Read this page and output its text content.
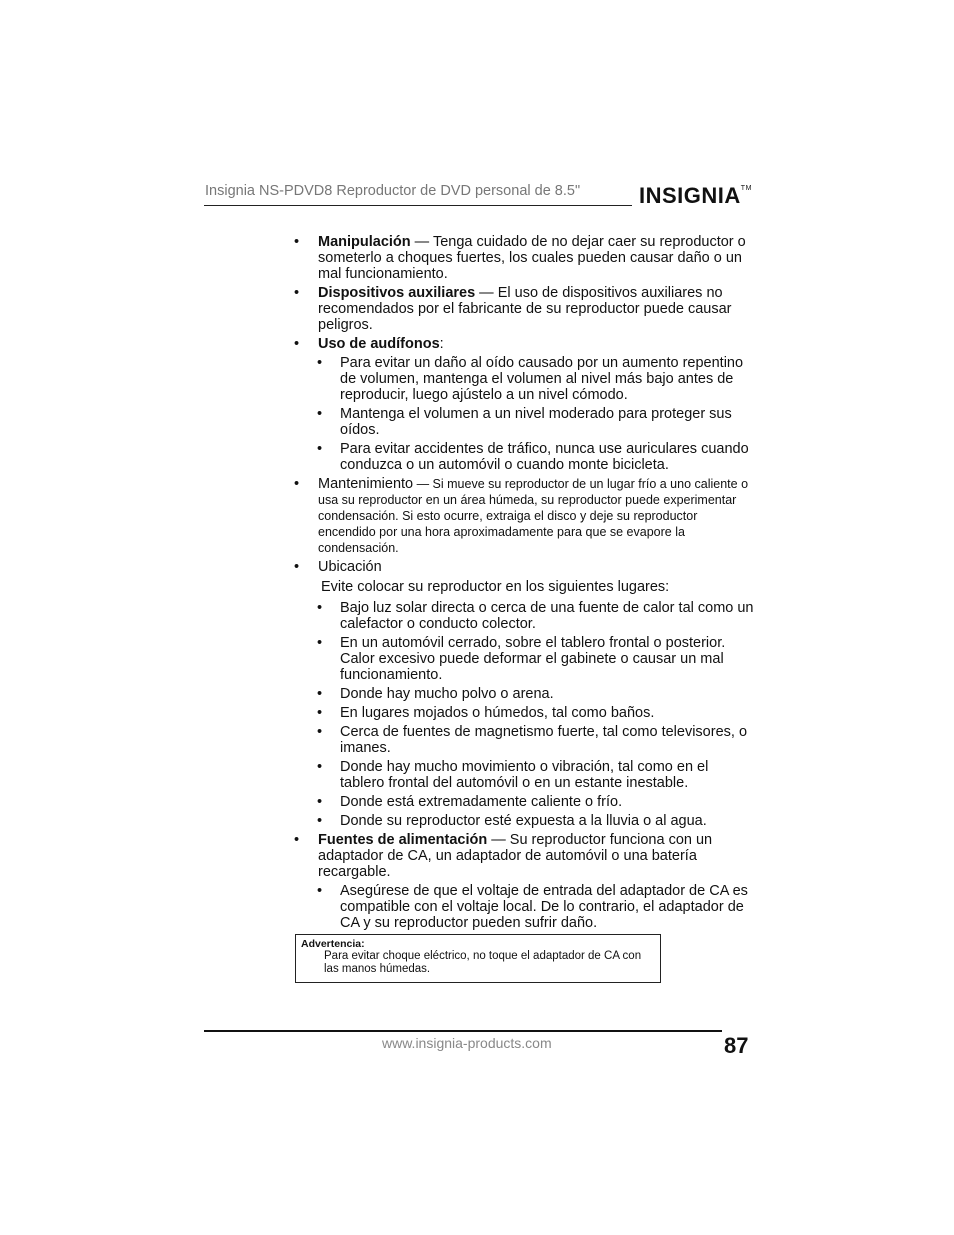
Insignia NS-PDVD8 Reproductor de DVD personal de 8.5"	INSIGNIA™
• Manipulación — Tenga cuidado de no dejar caer su reproductor o someterlo a choques fuertes, los cuales pueden causar daño o un mal funcionamiento.
• Dispositivos auxiliares — El uso de dispositivos auxiliares no recomendados por el fabricante de su reproductor puede causar peligros.
• Uso de audífonos:
• Para evitar un daño al oído causado por un aumento repentino de volumen, mantenga el volumen al nivel más bajo antes de reproducir, luego ajústelo a un nivel cómodo.
• Mantenga el volumen a un nivel moderado para proteger sus oídos.
• Para evitar accidentes de tráfico, nunca use auriculares cuando conduzca o un automóvil o cuando monte bicicleta.
• Mantenimiento — Si mueve su reproductor de un lugar frío a uno caliente o usa su reproductor en un área húmeda, su reproductor puede experimentar condensación. Si esto ocurre, extraiga el disco y deje su reproductor encendido por una hora aproximadamente para que se evapore la condensación.
• Ubicación
Evite colocar su reproductor en los siguientes lugares:
• Bajo luz solar directa o cerca de una fuente de calor tal como un calefactor o conducto colector.
• En un automóvil cerrado, sobre el tablero frontal o posterior. Calor excesivo puede deformar el gabinete o causar un mal funcionamiento.
• Donde hay mucho polvo o arena.
• En lugares mojados o húmedos, tal como baños.
• Cerca de fuentes de magnetismo fuerte, tal como televisores, o imanes.
• Donde hay mucho movimiento o vibración, tal como en el tablero frontal del automóvil o en un estante inestable.
• Donde está extremadamente caliente o frío.
• Donde su reproductor esté expuesta a la lluvia o al agua.
• Fuentes de alimentación — Su reproductor funciona con un adaptador de CA, un adaptador de automóvil o una batería recargable.
• Asegúrese de que el voltaje de entrada del adaptador de CA es compatible con el voltaje local. De lo contrario, el adaptador de CA y su reproductor pueden sufrir daño.
Advertencia:
Para evitar choque eléctrico, no toque el adaptador de CA con las manos húmedas.
www.insignia-products.com	87
